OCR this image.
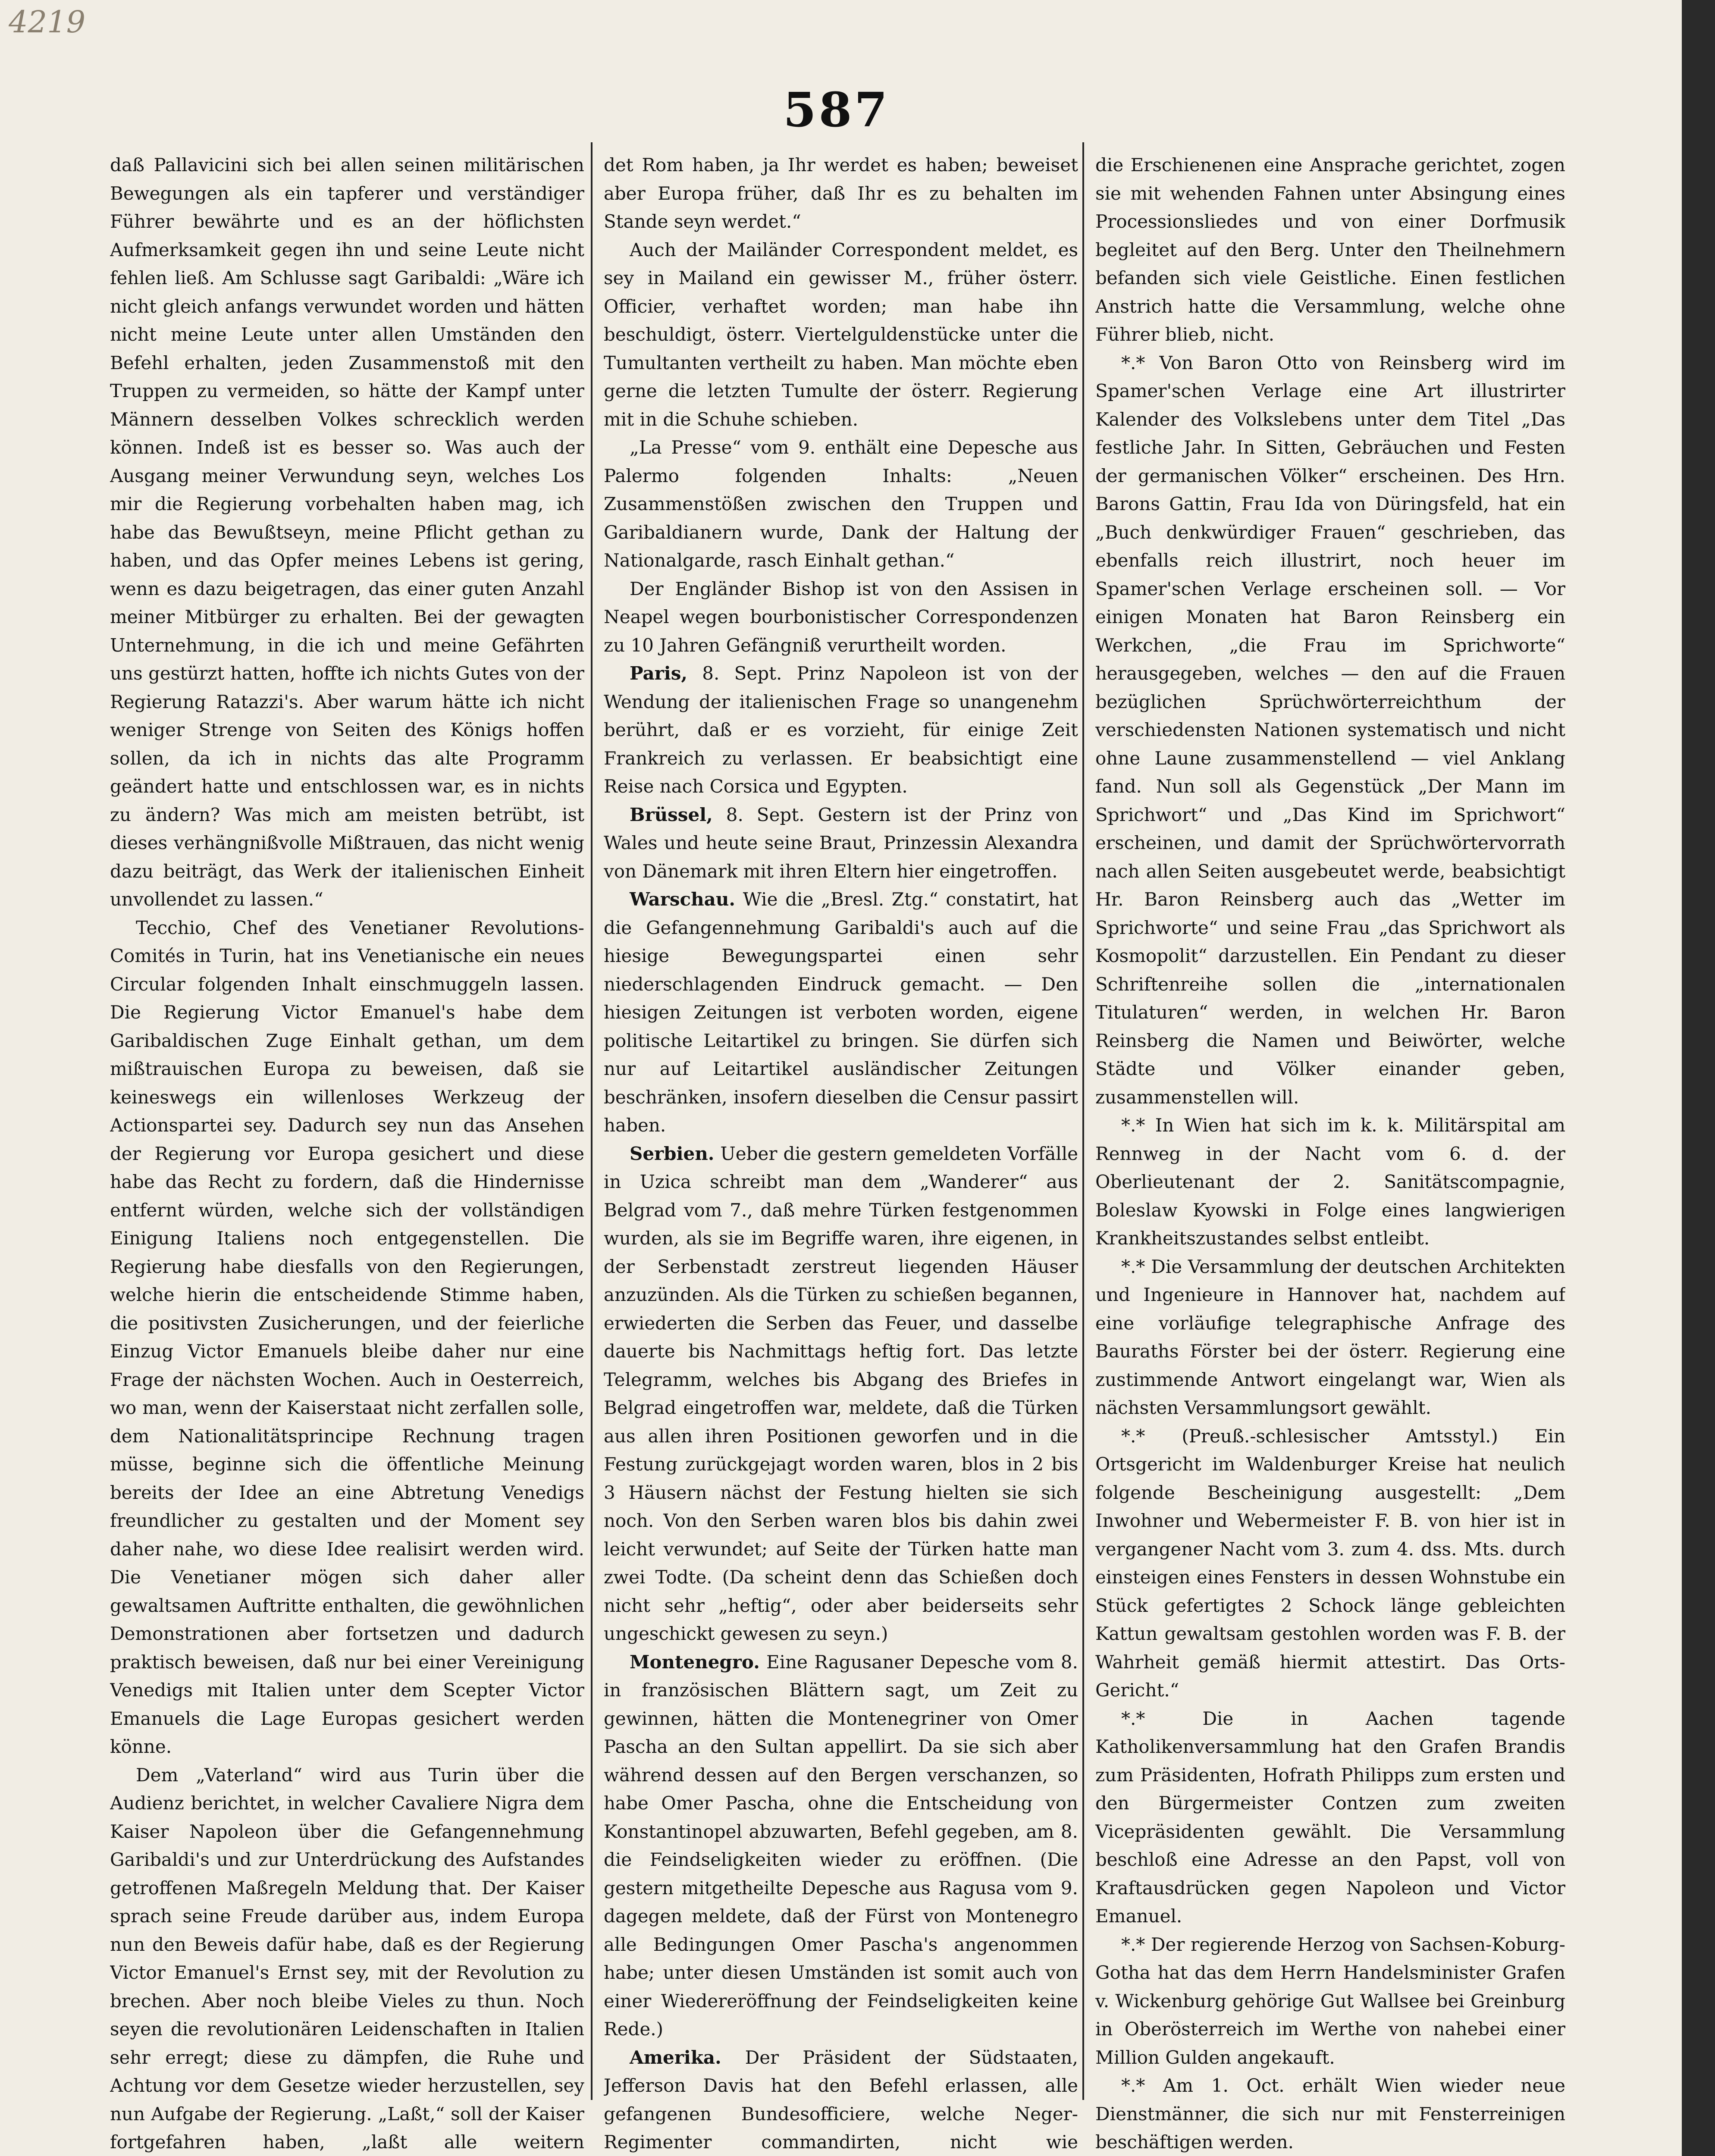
4219
587

daß Pallavicini sich bei allen seinen militärischen Bewegungen als ein tapferer und verständiger Führer bewährte und es an der höflichsten Aufmerksamkeit gegen ihn und seine Leute nicht fehlen ließ. Am Schlusse sagt Garibaldi: „Wäre ich nicht gleich anfangs verwundet worden und hätten nicht meine Leute unter allen Umständen den Befehl erhalten, jeden Zusammenstoß mit den Truppen zu vermeiden, so hätte der Kampf unter Männern desselben Volkes schrecklich werden können. Indeß ist es besser so. Was auch der Ausgang meiner Verwundung seyn, welches Los mir die Regierung vorbehalten haben mag, ich habe das Bewußtseyn, meine Pflicht gethan zu haben, und das Opfer meines Lebens ist gering, wenn es dazu beigetragen, das einer guten Anzahl meiner Mitbürger zu erhalten. Bei der gewagten Unternehmung, in die ich und meine Gefährten uns gestürzt hatten, hoffte ich nichts Gutes von der Regierung Ratazzi's. Aber warum hätte ich nicht weniger Strenge von Seiten des Königs hoffen sollen, da ich in nichts das alte Programm geändert hatte und entschlossen war, es in nichts zu ändern? Was mich am meisten betrübt, ist dieses verhängnißvolle Mißtrauen, das nicht wenig dazu beiträgt, das Werk der italienischen Einheit unvollendet zu lassen.“

Tecchio, Chef des Venetianer Revolutions-Comités in Turin, hat ins Venetianische ein neues Circular folgenden Inhalt einschmuggeln lassen. Die Regierung Victor Emanuel's habe dem Garibaldischen Zuge Einhalt gethan, um dem mißtrauischen Europa zu beweisen, daß sie keineswegs ein willenloses Werkzeug der Actionspartei sey. Dadurch sey nun das Ansehen der Regierung vor Europa gesichert und diese habe das Recht zu fordern, daß die Hindernisse entfernt würden, welche sich der vollständigen Einigung Italiens noch entgegenstellen. Die Regierung habe diesfalls von den Regierungen, welche hierin die entscheidende Stimme haben, die positivsten Zusicherungen, und der feierliche Einzug Victor Emanuels bleibe daher nur eine Frage der nächsten Wochen. Auch in Oesterreich, wo man, wenn der Kaiserstaat nicht zerfallen solle, dem Nationalitätsprincipe Rechnung tragen müsse, beginne sich die öffentliche Meinung bereits der Idee an eine Abtretung Venedigs freundlicher zu gestalten und der Moment sey daher nahe, wo diese Idee realisirt werden wird. Die Venetianer mögen sich daher aller gewaltsamen Auftritte enthalten, die gewöhnlichen Demonstrationen aber fortsetzen und dadurch praktisch beweisen, daß nur bei einer Vereinigung Venedigs mit Italien unter dem Scepter Victor Emanuels die Lage Europas gesichert werden könne.

Dem „Vaterland“ wird aus Turin über die Audienz berichtet, in welcher Cavaliere Nigra dem Kaiser Napoleon über die Gefangennehmung Garibaldi's und zur Unterdrückung des Aufstandes getroffenen Maßregeln Meldung that. Der Kaiser sprach seine Freude darüber aus, indem Europa nun den Beweis dafür habe, daß es der Regierung Victor Emanuel's Ernst sey, mit der Revolution zu brechen. Aber noch bleibe Vieles zu thun. Noch seyen die revolutionären Leidenschaften in Italien sehr erregt; diese zu dämpfen, die Ruhe und Achtung vor dem Gesetze wieder herzustellen, sey nun Aufgabe der Regierung. „Laßt,“ soll der Kaiser fortgefahren haben, „laßt alle weitern

det Rom haben, ja Ihr werdet es haben; beweiset aber Europa früher, daß Ihr es zu behalten im Stande seyn werdet.“

Auch der Mailänder Correspondent meldet, es sey in Mailand ein gewisser M., früher österr. Officier, verhaftet worden; man habe ihn beschuldigt, österr. Viertelguldenstücke unter die Tumultanten vertheilt zu haben. Man möchte eben gerne die letzten Tumulte der österr. Regierung mit in die Schuhe schieben.

„La Presse“ vom 9. enthält eine Depesche aus Palermo folgenden Inhalts: „Neuen Zusammenstößen zwischen den Truppen und Garibaldianern wurde, Dank der Haltung der Nationalgarde, rasch Einhalt gethan.“

Der Engländer Bishop ist von den Assisen in Neapel wegen bourbonistischer Correspondenzen zu 10 Jahren Gefängniß verurtheilt worden.

Paris, 8. Sept. Prinz Napoleon ist von der Wendung der italienischen Frage so unangenehm berührt, daß er es vorzieht, für einige Zeit Frankreich zu verlassen. Er beabsichtigt eine Reise nach Corsica und Egypten.

Brüssel, 8. Sept. Gestern ist der Prinz von Wales und heute seine Braut, Prinzessin Alexandra von Dänemark mit ihren Eltern hier eingetroffen.

Warschau. Wie die „Bresl. Ztg.“ constatirt, hat die Gefangennehmung Garibaldi's auch auf die hiesige Bewegungspartei einen sehr niederschlagenden Eindruck gemacht. — Den hiesigen Zeitungen ist verboten worden, eigene politische Leitartikel zu bringen. Sie dürfen sich nur auf Leitartikel ausländischer Zeitungen beschränken, insofern dieselben die Censur passirt haben.

Serbien. Ueber die gestern gemeldeten Vorfälle in Uzica schreibt man dem „Wanderer“ aus Belgrad vom 7., daß mehre Türken festgenommen wurden, als sie im Begriffe waren, ihre eigenen, in der Serbenstadt zerstreut liegenden Häuser anzuzünden. Als die Türken zu schießen begannen, erwiederten die Serben das Feuer, und dasselbe dauerte bis Nachmittags heftig fort. Das letzte Telegramm, welches bis Abgang des Briefes in Belgrad eingetroffen war, meldete, daß die Türken aus allen ihren Positionen geworfen und in die Festung zurückgejagt worden waren, blos in 2 bis 3 Häusern nächst der Festung hielten sie sich noch. Von den Serben waren blos bis dahin zwei leicht verwundet; auf Seite der Türken hatte man zwei Todte. (Da scheint denn das Schießen doch nicht sehr „heftig“, oder aber beiderseits sehr ungeschickt gewesen zu seyn.)

Montenegro. Eine Ragusaner Depesche vom 8. in französischen Blättern sagt, um Zeit zu gewinnen, hätten die Montenegriner von Omer Pascha an den Sultan appellirt. Da sie sich aber während dessen auf den Bergen verschanzen, so habe Omer Pascha, ohne die Entscheidung von Konstantinopel abzuwarten, Befehl gegeben, am 8. die Feindseligkeiten wieder zu eröffnen. (Die gestern mitgetheilte Depesche aus Ragusa vom 9. dagegen meldete, daß der Fürst von Montenegro alle Bedingungen Omer Pascha's angenommen habe; unter diesen Umständen ist somit auch von einer Wiedereröffnung der Feindseligkeiten keine Rede.)

Amerika. Der Präsident der Südstaaten, Jefferson Davis hat den Befehl erlassen, alle gefangenen Bundesofficiere, welche Neger-Regimenter commandirten, nicht wie

die Erschienenen eine Ansprache gerichtet, zogen sie mit wehenden Fahnen unter Absingung eines Processionsliedes und von einer Dorfmusik begleitet auf den Berg. Unter den Theilnehmern befanden sich viele Geistliche. Einen festlichen Anstrich hatte die Versammlung, welche ohne Führer blieb, nicht.

*.* Von Baron Otto von Reinsberg wird im Spamer'schen Verlage eine Art illustrirter Kalender des Volkslebens unter dem Titel „Das festliche Jahr. In Sitten, Gebräuchen und Festen der germanischen Völker“ erscheinen. Des Hrn. Barons Gattin, Frau Ida von Düringsfeld, hat ein „Buch denkwürdiger Frauen“ geschrieben, das ebenfalls reich illustrirt, noch heuer im Spamer'schen Verlage erscheinen soll. — Vor einigen Monaten hat Baron Reinsberg ein Werkchen, „die Frau im Sprichworte“ herausgegeben, welches — den auf die Frauen bezüglichen Sprüchwörterreichthum der verschiedensten Nationen systematisch und nicht ohne Laune zusammenstellend — viel Anklang fand. Nun soll als Gegenstück „Der Mann im Sprichwort“ und „Das Kind im Sprichwort“ erscheinen, und damit der Sprüchwörtervorrath nach allen Seiten ausgebeutet werde, beabsichtigt Hr. Baron Reinsberg auch das „Wetter im Sprichworte“ und seine Frau „das Sprichwort als Kosmopolit“ darzustellen. Ein Pendant zu dieser Schriftenreihe sollen die „internationalen Titulaturen“ werden, in welchen Hr. Baron Reinsberg die Namen und Beiwörter, welche Städte und Völker einander geben, zusammenstellen will.

*.* In Wien hat sich im k. k. Militärspital am Rennweg in der Nacht vom 6. d. der Oberlieutenant der 2. Sanitätscompagnie, Boleslaw Kyowski in Folge eines langwierigen Krankheitszustandes selbst entleibt.

*.* Die Versammlung der deutschen Architekten und Ingenieure in Hannover hat, nachdem auf eine vorläufige telegraphische Anfrage des Bauraths Förster bei der österr. Regierung eine zustimmende Antwort eingelangt war, Wien als nächsten Versammlungsort gewählt.

*.* (Preuß.-schlesischer Amtsstyl.) Ein Ortsgericht im Waldenburger Kreise hat neulich folgende Bescheinigung ausgestellt: „Dem Inwohner und Webermeister F. B. von hier ist in vergangener Nacht vom 3. zum 4. dss. Mts. durch einsteigen eines Fensters in dessen Wohnstube ein Stück gefertigtes 2 Schock länge gebleichten Kattun gewaltsam gestohlen worden was F. B. der Wahrheit gemäß hiermit attestirt. Das Orts-Gericht.“

*.* Die in Aachen tagende Katholikenversammlung hat den Grafen Brandis zum Präsidenten, Hofrath Philipps zum ersten und den Bürgermeister Contzen zum zweiten Vicepräsidenten gewählt. Die Versammlung beschloß eine Adresse an den Papst, voll von Kraftausdrücken gegen Napoleon und Victor Emanuel.

*.* Der regierende Herzog von Sachsen-Koburg-Gotha hat das dem Herrn Handelsminister Grafen v. Wickenburg gehörige Gut Wallsee bei Greinburg in Oberösterreich im Werthe von nahebei einer Million Gulden angekauft.

*.* Am 1. Oct. erhält Wien wieder neue Dienstmänner, die sich nur mit Fensterreinigen beschäftigen werden.
